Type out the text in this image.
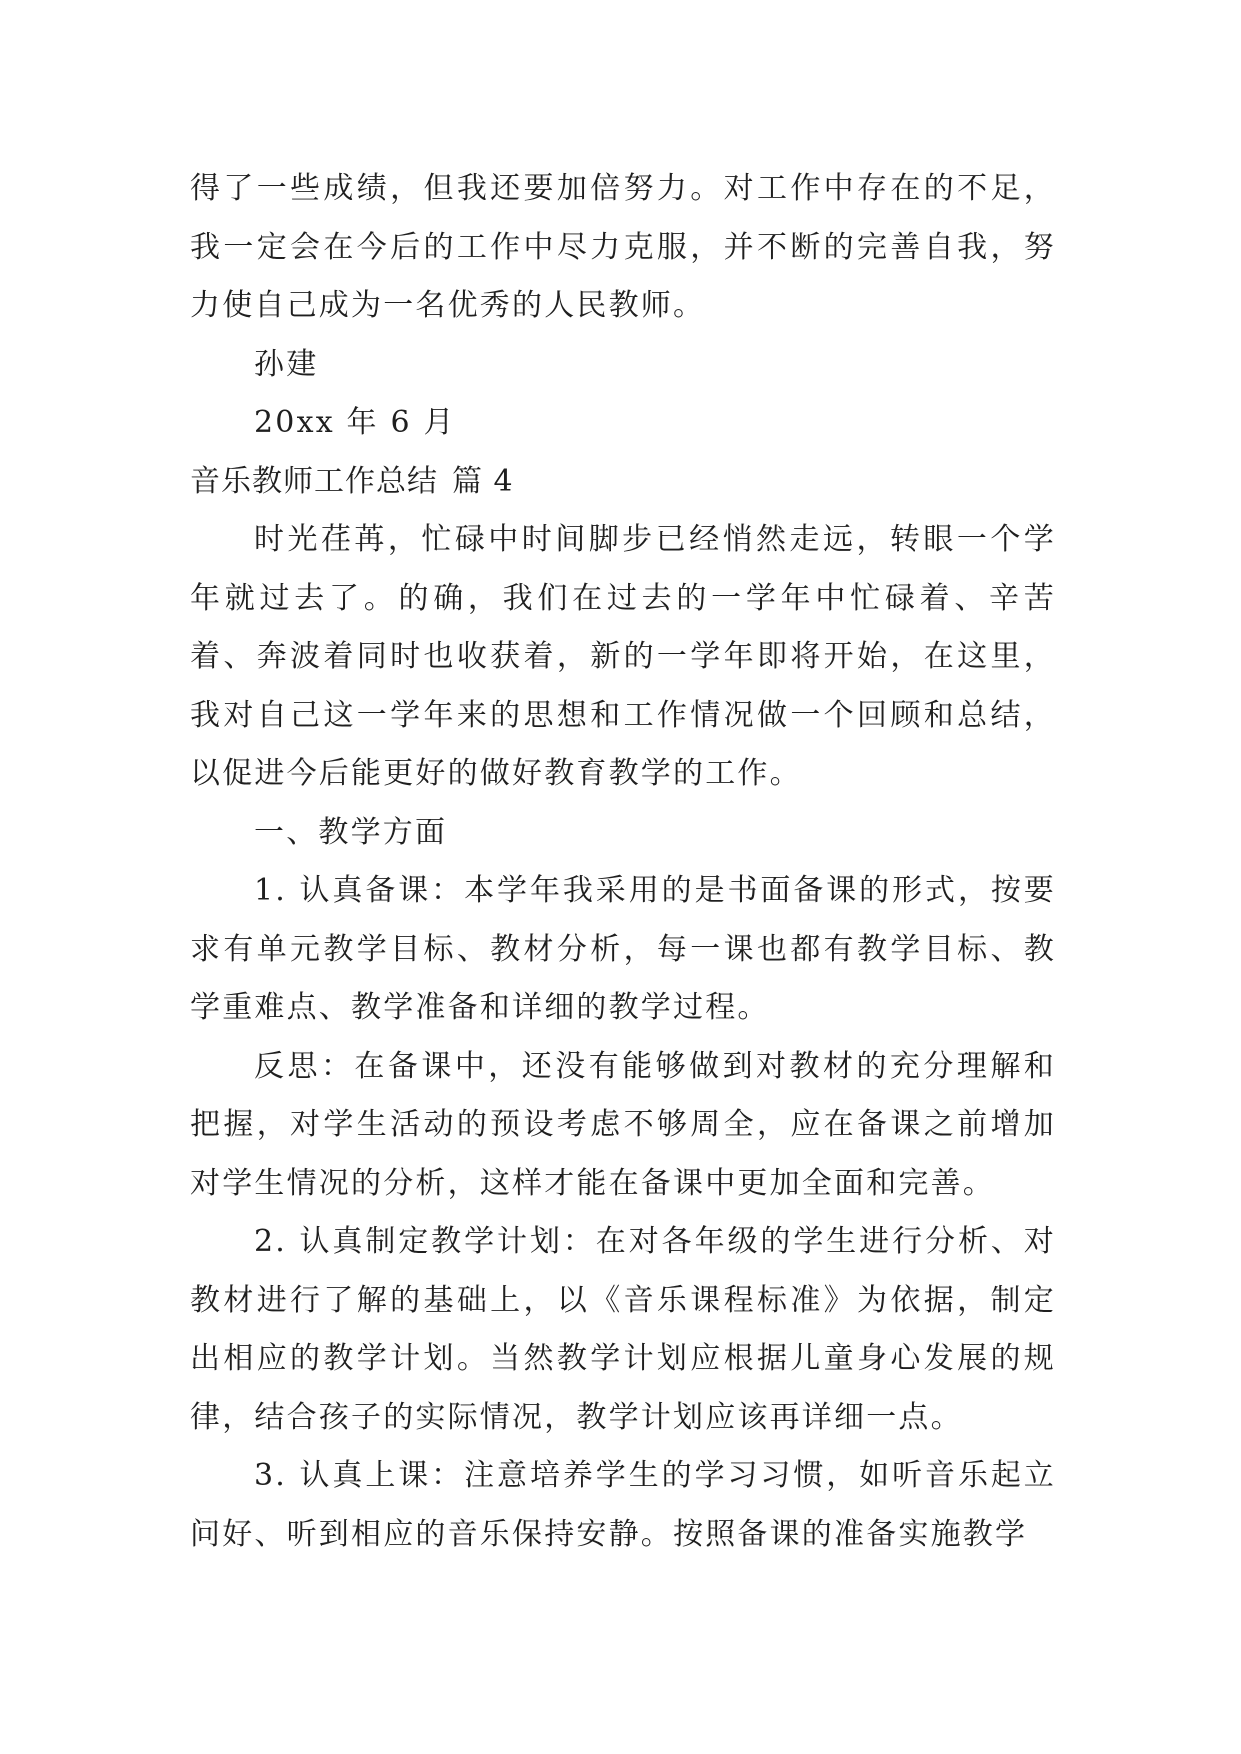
得了一些成绩，但我还要加倍努力。对工作中存在的不足，我一定会在今后的工作中尽力克服，并不断的完善自我，努力使自己成为一名优秀的人民教师。

孙建

20xx 年 6 月

音乐教师工作总结 篇 4

时光荏苒，忙碌中时间脚步已经悄然走远，转眼一个学年就过去了。的确，我们在过去的一学年中忙碌着、辛苦着、奔波着同时也收获着，新的一学年即将开始，在这里，我对自己这一学年来的思想和工作情况做一个回顾和总结，以促进今后能更好的做好教育教学的工作。

一、教学方面

1. 认真备课：本学年我采用的是书面备课的形式，按要求有单元教学目标、教材分析，每一课也都有教学目标、教学重难点、教学准备和详细的教学过程。

反思：在备课中，还没有能够做到对教材的充分理解和把握，对学生活动的预设考虑不够周全，应在备课之前增加对学生情况的分析，这样才能在备课中更加全面和完善。

2. 认真制定教学计划：在对各年级的学生进行分析、对教材进行了解的基础上，以《音乐课程标准》为依据，制定出相应的教学计划。当然教学计划应根据儿童身心发展的规律，结合孩子的实际情况，教学计划应该再详细一点。

3. 认真上课：注意培养学生的学习习惯，如听音乐起立问好、听到相应的音乐保持安静。按照备课的准备实施教学
